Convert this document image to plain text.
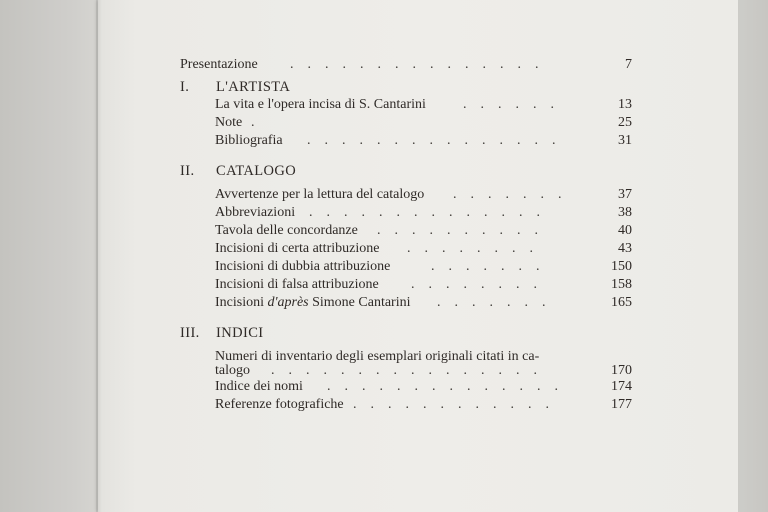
Presentazione .    .    .    .    .    .    .    .    .    .    .    .    .    .    .	7
I. L'ARTISTA
La vita e l'opera incisa di S. Cantarini	.    .    .    .    .    .	13
Note .	25
Bibliografia .    .    .    .    .    .    .    .    .    .    .    .    .    .    .	31
II. CATALOGO
Avvertenze per la lettura del catalogo .    .    .    .    .    .    .	37
Abbreviazioni .    .    .    .    .    .    .    .    .    .    .    .    .    .	38
Tavola delle concordanze .    .    .    .    .    .    .    .    .    .	40
Incisioni di certa attribuzione .    .    .    .    .    .    .    .	43
Incisioni di dubbia attribuzione	.    .    .    .    .    .    .	150
Incisioni di falsa attribuzione .    .    .    .    .    .    .    .	158
Incisioni d'après Simone Cantarini .    .    .    .    .    .    .	165
III. INDICI
Numeri di inventario degli esemplari originali citati in ca-
talogo .    .    .    .    .    .    .    .    .    .    .    .    .    .    .    .	170
Indice dei nomi .    .    .    .    .    .    .    .    .    .    .    .    .    .	174
Referenze fotografiche .    .    .    .    .    .    .    .    .    .    .    .	177
